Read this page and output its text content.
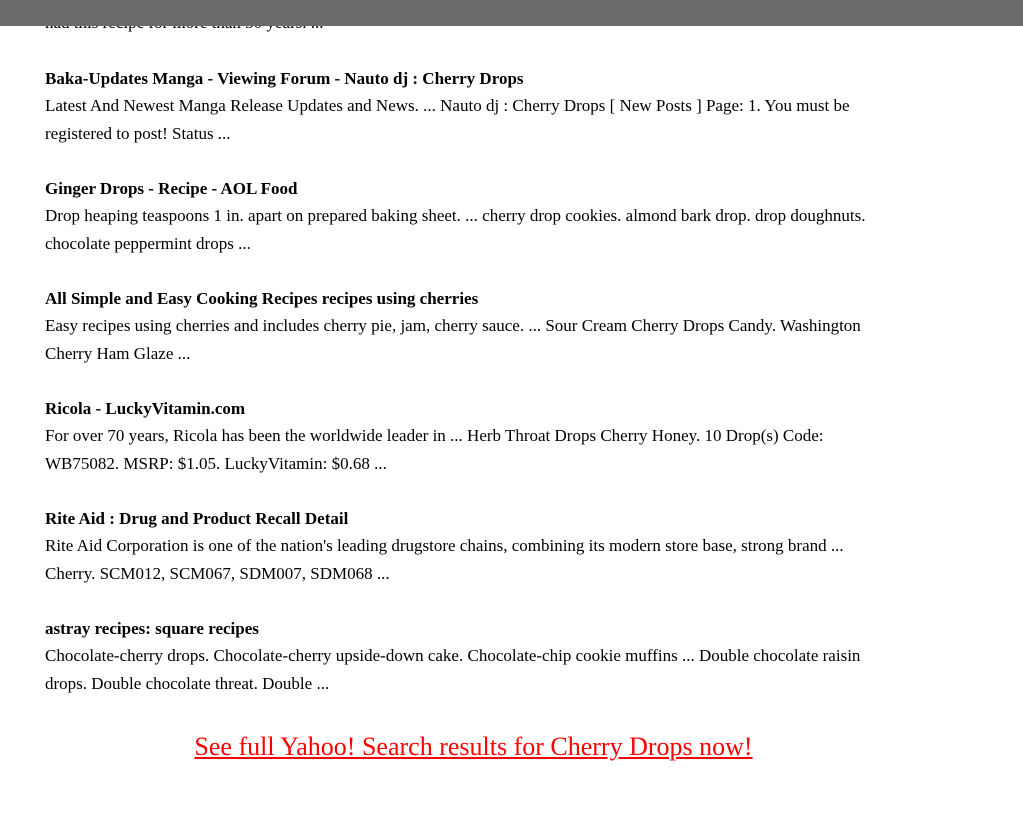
Baka-Updates Manga - Viewing Forum - Nauto dj : Cherry Drops

Latest And Newest Manga Release Updates and News. ... Nauto dj : Cherry Drops [ New Posts ] Page: 1. You must be registered to post! Status ...

Ginger Drops - Recipe - AOL Food

Drop heaping teaspoons 1 in. apart on prepared baking sheet. ... cherry drop cookies. almond bark drop. drop doughnuts. chocolate peppermint drops ...

All Simple and Easy Cooking Recipes recipes using cherries

Easy recipes using cherries and includes cherry pie, jam, cherry sauce. ... Sour Cream Cherry Drops Candy. Washington Cherry Ham Glaze ...

Ricola - LuckyVitamin.com

For over 70 years, Ricola has been the worldwide leader in ... Herb Throat Drops Cherry Honey. 10 Drop(s) Code: WB75082. MSRP: $1.05. LuckyVitamin: $0.68 ...

Rite Aid : Drug and Product Recall Detail

Rite Aid Corporation is one of the nation's leading drugstore chains, combining its modern store base, strong brand ... Cherry. SCM012, SCM067, SDM007, SDM068 ...

astray recipes: square recipes

Chocolate-cherry drops. Chocolate-cherry upside-down cake. Chocolate-chip cookie muffins ... Double chocolate raisin drops. Double chocolate threat. Double ...

See full Yahoo! Search results for Cherry Drops now!
